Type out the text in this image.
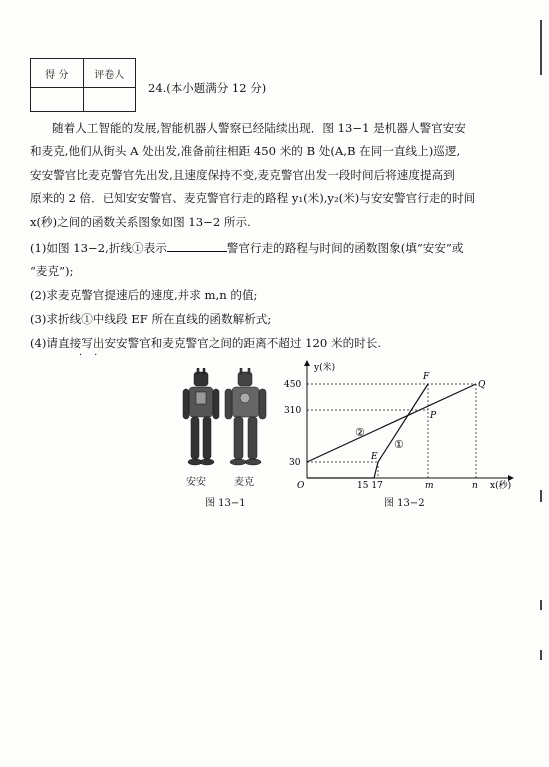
得 分	评卷人

24.(本小题满分 12 分)
随着人工智能的发展,智能机器人警察已经陆续出现．图 13−1 是机器人警官安安
和麦克,他们从街头 A 处出发,准备前往相距 450 米的 B 处(A,B 在同一直线上)巡逻,
安安警官比麦克警官先出发,且速度保持不变,麦克警官出发一段时间后将速度提高到
原来的 2 倍．已知安安警官、麦克警官行走的路程 y₁(米),y₂(米)与安安警官行走的时间
x(秒)之间的函数关系图象如图 13−2 所示.
(1)如图 13−2,折线①表示	警官行走的路程与时间的函数图象(填“安安”或
“麦克”);
(2)求麦克警官提速后的速度,并求 m,n 的值;
(3)求折线①中线段 EF 所在直线的函数解析式;
(4)请直接写出安安警官和麦克警官之间的距离不超过 120 米的时长.
··
安安	麦克
图 13−1
y(米)
x(秒)
O
450
310
30
15 17	m	n
F
Q
P
E
①
②
图 13−2
